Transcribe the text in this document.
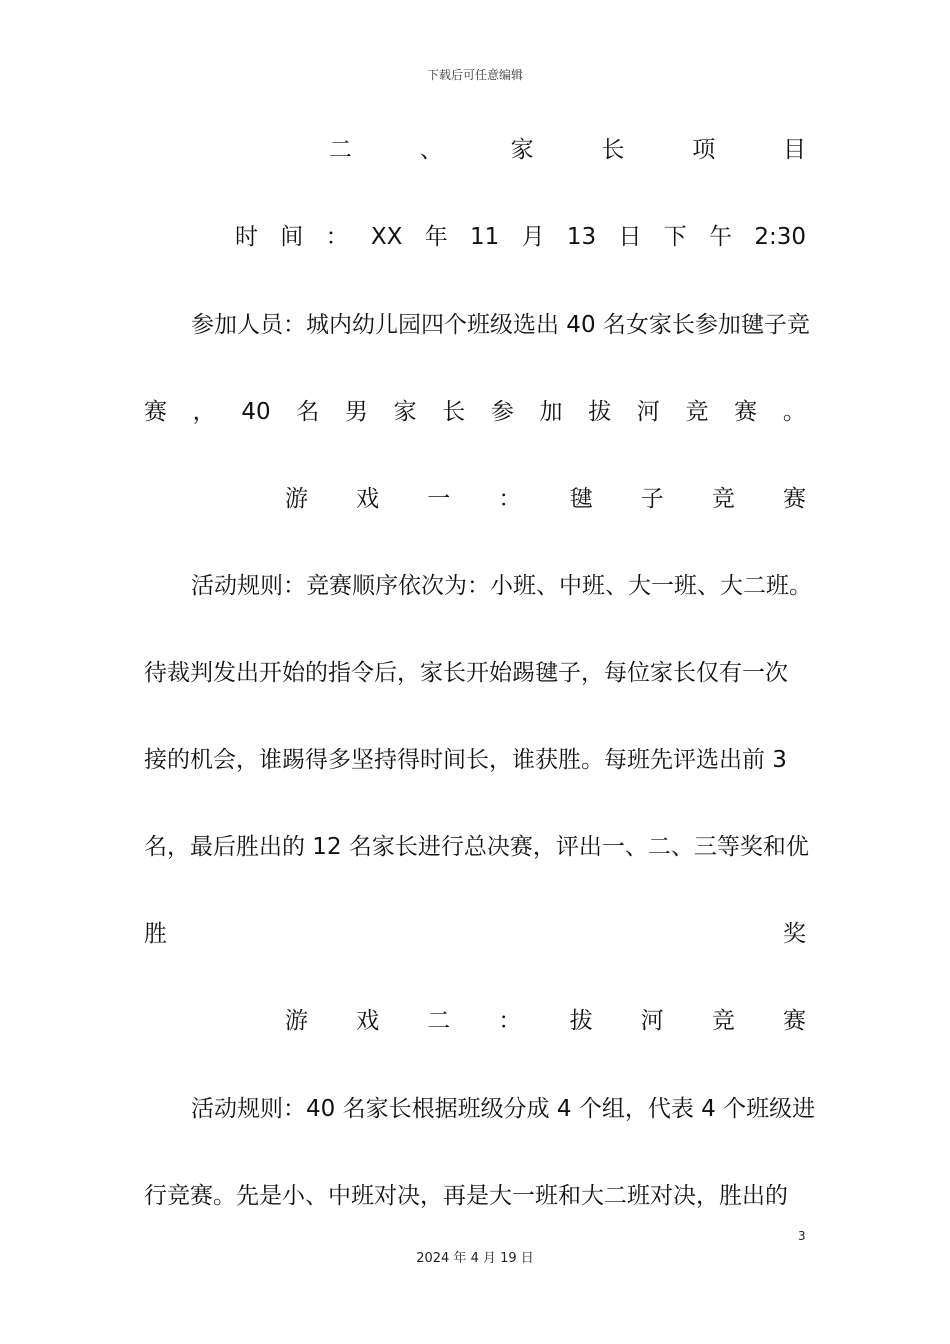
下载后可任意编辑
二	、	家	长	项	目
时 间 ： XX 年 11 月 13 日 下 午 2:30
参加人员：城内幼儿园四个班级选出 40 名女家长参加毽子竞
赛 ， 40 名 男 家 长 参 加 拔 河 竞 赛 。
游 戏 一 ： 毽 子 竞 赛
活动规则：竞赛顺序依次为：小班、中班、大一班、大二班。
待裁判发出开始的指令后，家长开始踢毽子，每位家长仅有一次
接的机会，谁踢得多坚持得时间长，谁获胜。每班先评选出前 3
名，最后胜出的 12 名家长进行总决赛，评出一、二、三等奖和优
胜	奖
游 戏 二 ： 拔 河 竞 赛
活动规则：40 名家长根据班级分成 4 个组，代表 4 个班级进
行竞赛。先是小、中班对决，再是大一班和大二班对决，胜出的
3
2024 年 4 月 19 日
